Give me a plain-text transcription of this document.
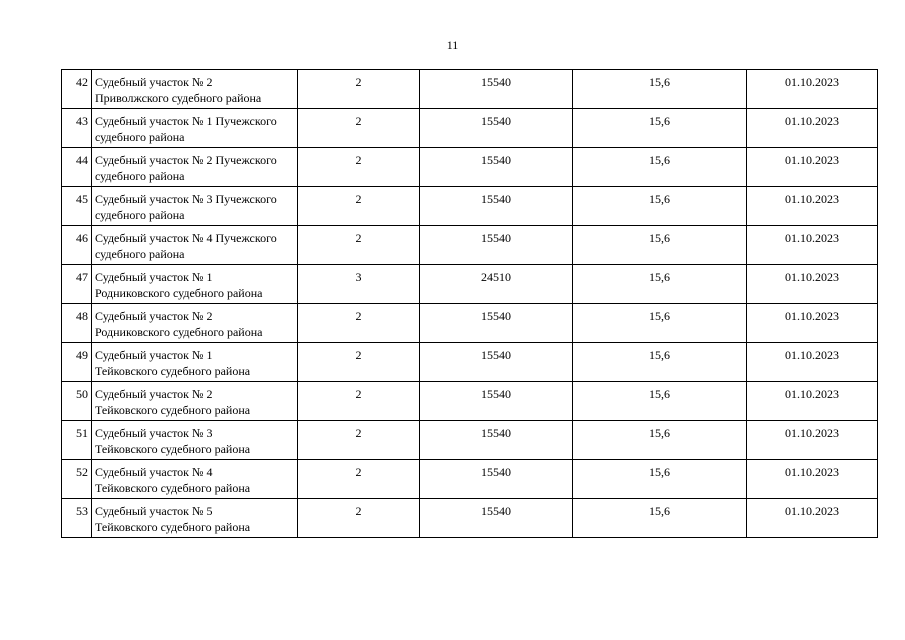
11
42	Судебный участок № 2
Приволжского судебного района	2	15540	15,6	01.10.2023
43	Судебный участок № 1 Пучежского
судебного района	2	15540	15,6	01.10.2023
44	Судебный участок № 2 Пучежского
судебного района	2	15540	15,6	01.10.2023
45	Судебный участок № 3 Пучежского
судебного района	2	15540	15,6	01.10.2023
46	Судебный участок № 4 Пучежского
судебного района	2	15540	15,6	01.10.2023
47	Судебный участок № 1
Родниковского судебного района	3	24510	15,6	01.10.2023
48	Судебный участок № 2
Родниковского судебного района	2	15540	15,6	01.10.2023
49	Судебный участок № 1
Тейковского судебного района	2	15540	15,6	01.10.2023
50	Судебный участок № 2
Тейковского судебного района	2	15540	15,6	01.10.2023
51	Судебный участок № 3
Тейковского судебного района	2	15540	15,6	01.10.2023
52	Судебный участок № 4
Тейковского судебного района	2	15540	15,6	01.10.2023
53	Судебный участок № 5
Тейковского судебного района	2	15540	15,6	01.10.2023
